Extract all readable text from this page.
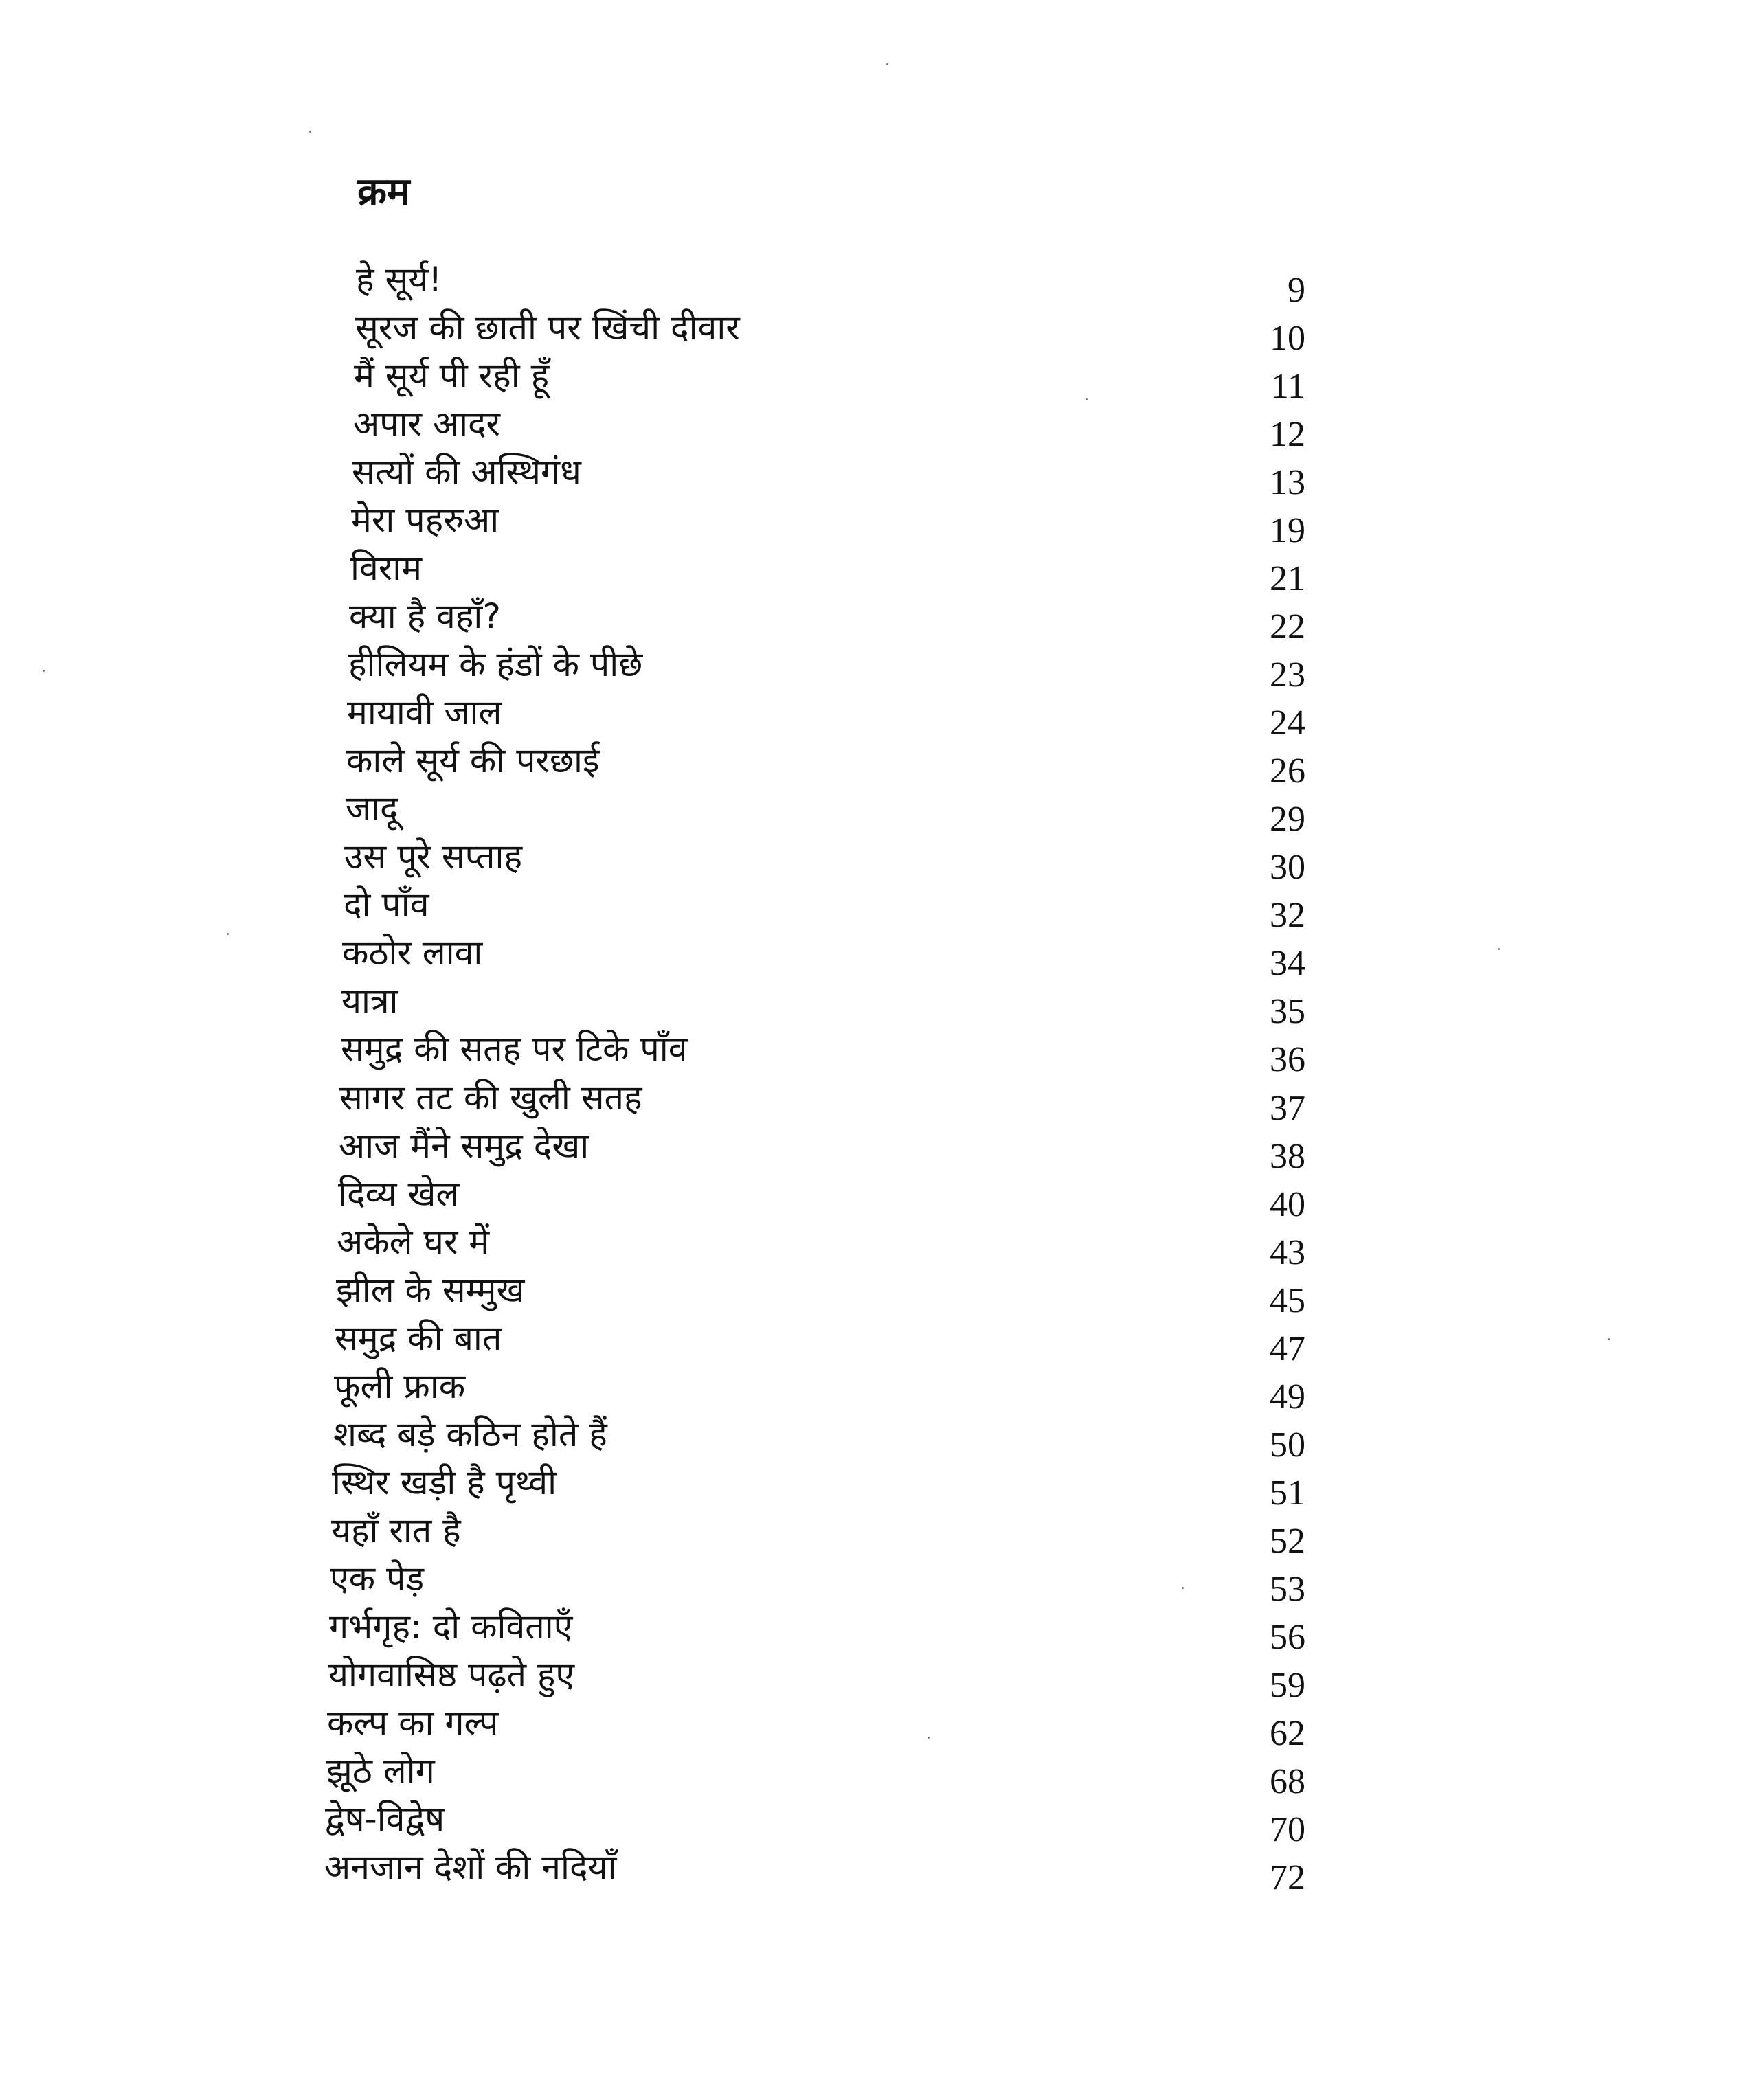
क्रम
हे सूर्य!	9
सूरज की छाती पर खिंची दीवार	10
मैं सूर्य पी रही हूँ	11
अपार आदर	12
सत्यों की अस्थिगंध	13
मेरा पहरुआ	19
विराम	21
क्या है वहाँ?	22
हीलियम के हंडों के पीछे	23
मायावी जाल	24
काले सूर्य की परछाई	26
जादू	29
उस पूरे सप्ताह	30
दो पाँव	32
कठोर लावा	34
यात्रा	35
समुद्र की सतह पर टिके पाँव	36
सागर तट की खुली सतह	37
आज मैंने समुद्र देखा	38
दिव्य खेल	40
अकेले घर में	43
झील के सम्मुख	45
समुद्र की बात	47
फूली फ्राक	49
शब्द बड़े कठिन होते हैं	50
स्थिर खड़ी है पृथ्वी	51
यहाँ रात है	52
एक पेड़	53
गर्भगृह: दो कविताएँ	56
योगवासिष्ठ पढ़ते हुए	59
कल्प का गल्प	62
झूठे लोग	68
द्वेष-विद्वेष	70
अनजान देशों की नदियाँ	72
